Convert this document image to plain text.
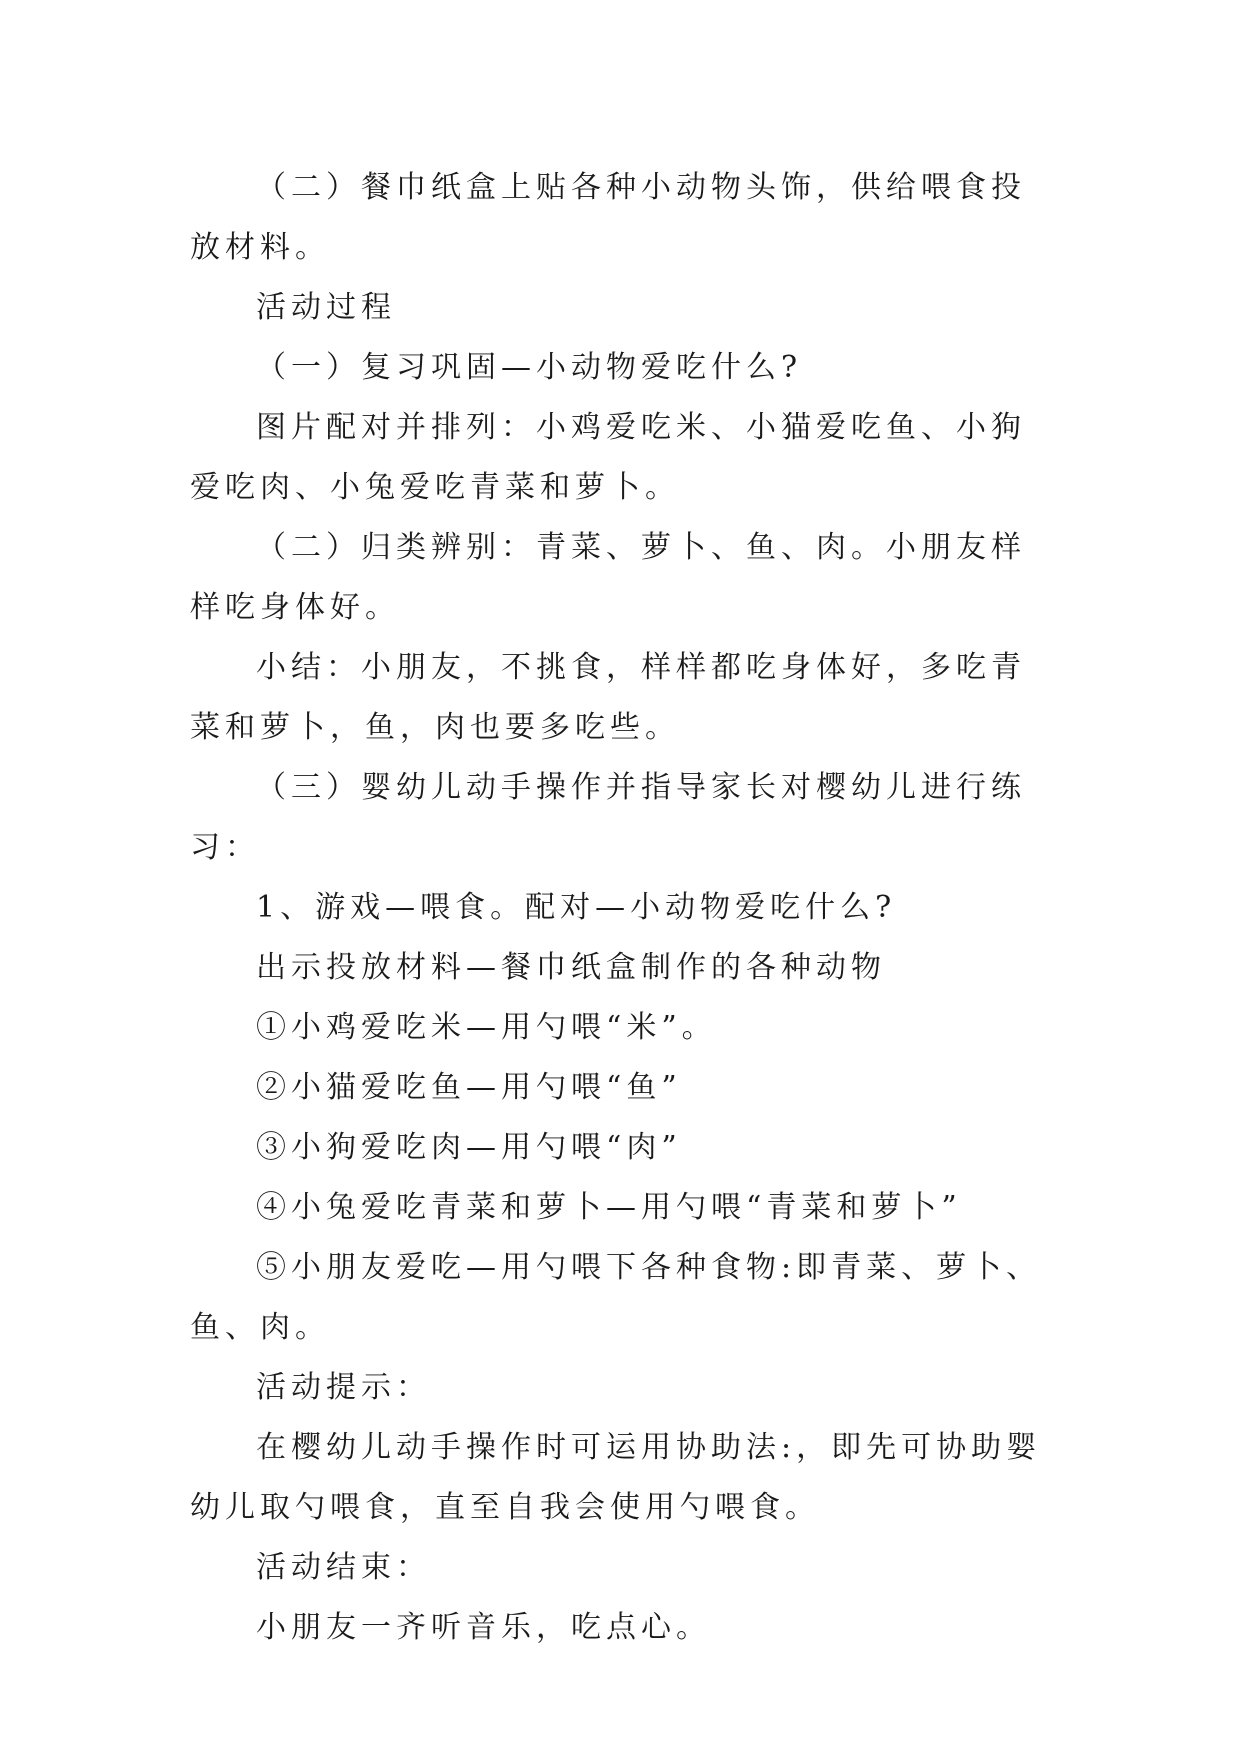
（二）餐巾纸盒上贴各种小动物头饰，供给喂食投放材料。

活动过程

（一）复习巩固—小动物爱吃什么?

图片配对并排列：小鸡爱吃米、小猫爱吃鱼、小狗爱吃肉、小兔爱吃青菜和萝卜。

（二）归类辨别：青菜、萝卜、鱼、肉。小朋友样样吃身体好。

小结：小朋友，不挑食，样样都吃身体好，多吃青菜和萝卜，鱼，肉也要多吃些。

（三）婴幼儿动手操作并指导家长对樱幼儿进行练习：

1、游戏—喂食。配对—小动物爱吃什么?

出示投放材料—餐巾纸盒制作的各种动物

①小鸡爱吃米—用勺喂“米”。

②小猫爱吃鱼—用勺喂“鱼”

③小狗爱吃肉—用勺喂“肉”

④小兔爱吃青菜和萝卜—用勺喂“青菜和萝卜”

⑤小朋友爱吃—用勺喂下各种食物:即青菜、萝卜、鱼、肉。

活动提示：

在樱幼儿动手操作时可运用协助法:，即先可协助婴幼儿取勺喂食，直至自我会使用勺喂食。

活动结束：

小朋友一齐听音乐，吃点心。
